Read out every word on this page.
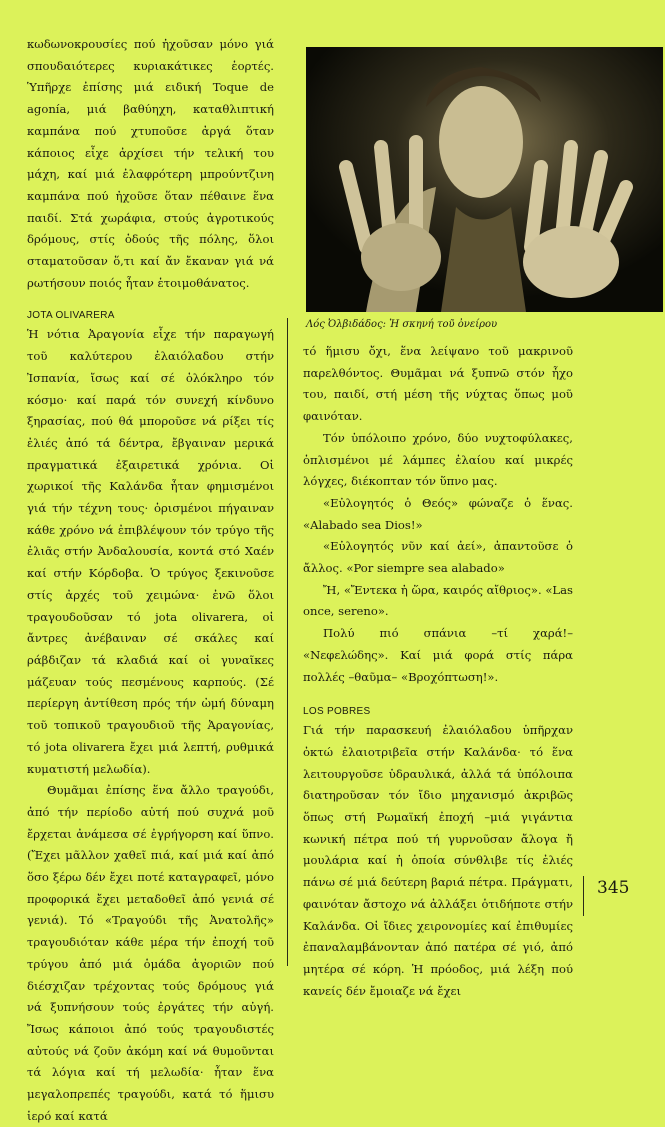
κωδωνοκρουσίες πού ἠχοῦσαν μόνο γιά σπουδαιότερες κυριακάτικες ἑορτές. Ὑπῆρχε ἐπίσης μιά ειδική Toque de agonía, μιά βαθύηχη, καταθλιπτική καμπάνα πού χτυποῦσε ἀργά ὅταν κάποιος εἶχε ἀρχίσει τήν τελική του μάχη, καί μιά ἐλαφρότερη μπρούντζινη καμπάνα πού ἠχοῦσε ὅταν πέθαινε ἕνα παιδί. Στά χωράφια, στούς ἀγροτικούς δρόμους, στίς ὁδούς τῆς πόλης, ὅλοι σταματοῦσαν ὅ,τι καί ἄν ἔκαναν γιά νά ρωτήσουν ποιός ἦταν ἑτοιμοθάνατος.

JOTA OLIVARERA

Ἡ νότια Ἀραγονία εἶχε τήν παραγωγή τοῦ καλύτερου ἐλαιόλαδου στήν Ἰσπανία, ἴσως καί σέ ὁλόκληρο τόν κόσμο· καί παρά τόν συνεχή κίνδυνο ξηρασίας, πού θά μποροῦσε νά ρίξει τίς ἐλιές ἀπό τά δέντρα, ἔβγαιναν μερικά πραγματικά ἐξαιρετικά χρόνια. Οἱ χωρικοί τῆς Καλάνδα ἦταν φημισμένοι γιά τήν τέχνη τους· ὁρισμένοι πήγαιναν κάθε χρόνο νά ἐπιβλέψουν τόν τρύγο τῆς ἐλιᾶς στήν Ἀνδαλουσία, κοντά στό Χαέν καί στήν Κόρδοβα. Ὁ τρύγος ξεκινοῦσε στίς ἀρχές τοῦ χειμώνα· ἐνῶ ὅλοι τραγουδοῦσαν τό jota olivarera, οἱ ἄντρες ἀνέβαιναν σέ σκάλες καί ράβδιζαν τά κλαδιά καί οἱ γυναῖκες μάζευαν τούς πεσμένους καρπούς. (Σέ περίεργη ἀντίθεση πρός τήν ὠμή δύναμη τοῦ τοπικοῦ τραγουδιοῦ τῆς Ἀραγονίας, τό jota olivarera ἔχει μιά λεπτή, ρυθμικά κυματιστή μελωδία).

Θυμᾶμαι ἐπίσης ἕνα ἄλλο τραγούδι, ἀπό τήν περίοδο αὐτή πού συχνά μοῦ ἔρχεται ἀνάμεσα σέ ἐγρήγορση καί ὕπνο. (Ἔχει μᾶλλον χαθεῖ πιά, καί μιά καί ἀπό ὅσο ξέρω δέν ἔχει ποτέ καταγραφεῖ, μόνο προφορικά ἔχει μεταδοθεῖ ἀπό γενιά σέ γενιά). Τό «Τραγούδι τῆς Ἀνατολῆς» τραγουδιόταν κάθε μέρα τήν ἐποχή τοῦ τρύγου ἀπό μιά ὁμάδα ἀγοριῶν πού διέσχιζαν τρέχοντας τούς δρόμους γιά νά ξυπνήσουν τούς ἐργάτες τήν αὐγή. Ἴσως κάποιοι ἀπό τούς τραγουδιστές αὐτούς νά ζοῦν ἀκόμη καί νά θυμοῦνται τά λόγια καί τή μελωδία· ἦταν ἕνα μεγαλοπρεπές τραγούδι, κατά τό ἥμισυ ἱερό καί κατά

Λός Ὀλβιδάδος: Ἡ σκηνή τοῦ ὀνείρου

τό ἥμισυ ὄχι, ἕνα λείψανο τοῦ μακρινοῦ παρελθόντος. Θυμᾶμαι νά ξυπνῶ στόν ἦχο του, παιδί, στή μέση τῆς νύχτας ὅπως μοῦ φαινόταν.

Τόν ὑπόλοιπο χρόνο, δύο νυχτοφύλακες, ὁπλισμένοι μέ λάμπες ἐλαίου καί μικρές λόγχες, διέκοπταν τόν ὕπνο μας.

«Εὐλογητός ὁ Θεός» φώναζε ὁ ἕνας. «Alabado sea Dios!»

«Εὐλογητός νῦν καί ἀεί», ἀπαντοῦσε ὁ ἄλλος. «Por siempre sea alabado»

Ἤ, «Ἔντεκα ἡ ὥρα, καιρός αἴθριος». «Las once, sereno».

Πολύ πιό σπάνια –τί χαρά!– «Νεφελώδης». Καί μιά φορά στίς πάρα πολλές –θαῦμα– «Βροχόπτωση!».

LOS POBRES

Γιά τήν παρασκευή ἐλαιόλαδου ὑπῆρχαν ὀκτώ ἐλαιοτριβεῖα στήν Καλάνδα· τό ἕνα λειτουργοῦσε ὑδραυλικά, ἀλλά τά ὑπόλοιπα διατηροῦσαν τόν ἴδιο μηχανισμό ἀκριβῶς ὅπως στή Ρωμαϊκή ἐποχή –μιά γιγάντια κωνική πέτρα πού τή γυρνοῦσαν ἄλογα ἤ μουλάρια καί ἡ ὁποία σύνθλιβε τίς ἐλιές πάνω σέ μιά δεύτερη βαριά πέτρα. Πράγματι, φαινόταν ἄστοχο νά ἀλλάξει ὁτιδήποτε στήν Καλάνδα. Οἱ ἴδιες χειρονομίες καί ἐπιθυμίες ἐπαναλαμβάνονταν ἀπό πατέρα σέ γιό, ἀπό μητέρα σέ κόρη. Ἡ πρόοδος, μιά λέξη πού κανείς δέν ἔμοιαζε νά ἔχει

345
